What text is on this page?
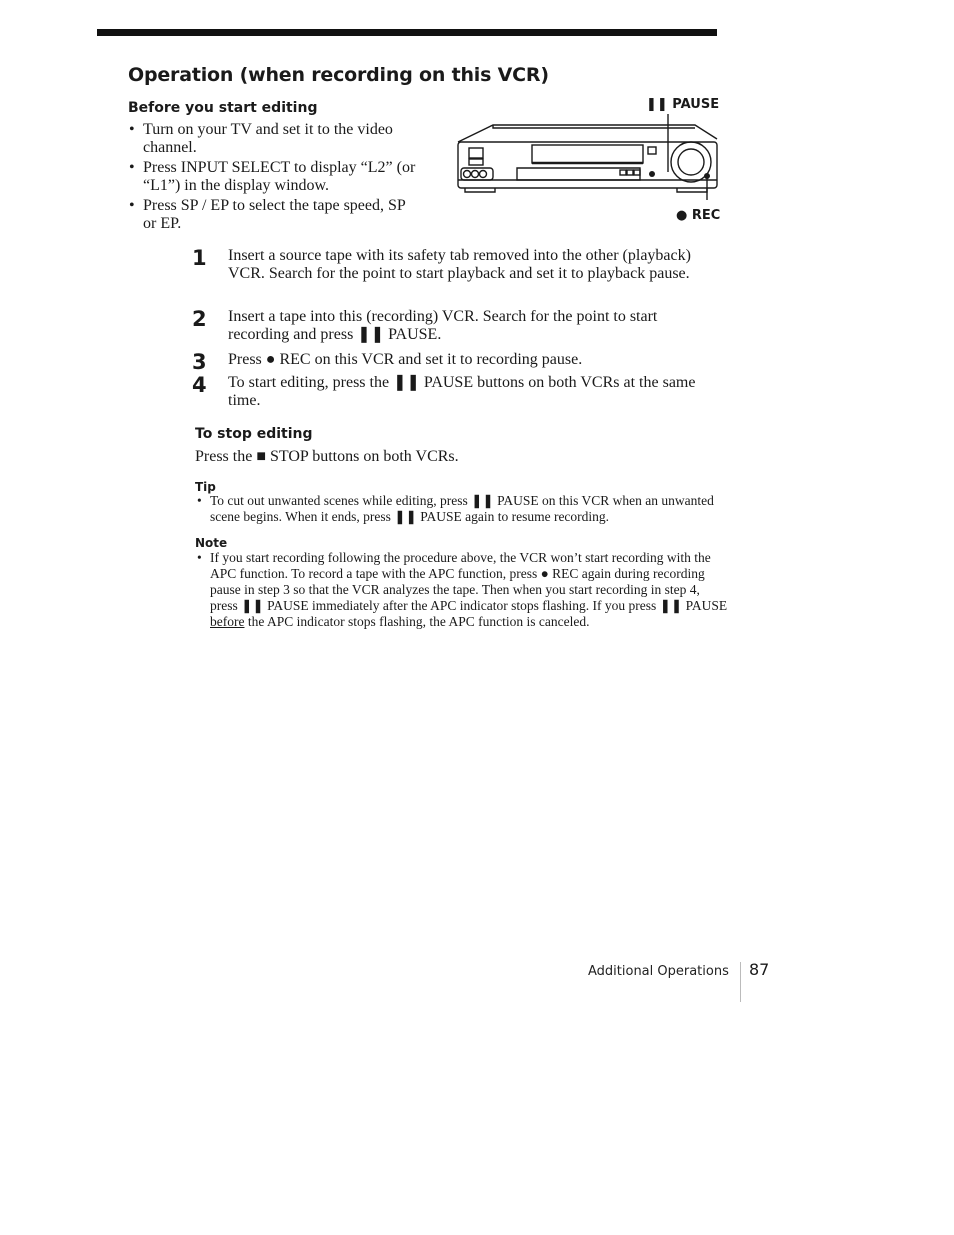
Operation (when recording on this VCR)
Before you start editing
• Turn on your TV and set it to the video channel.
• Press INPUT SELECT to display “L2” (or “L1”) in the display window.
• Press SP / EP to select the tape speed, SP or EP.
❚❚ PAUSE
● REC
1 Insert a source tape with its safety tab removed into the other (playback) VCR. Search for the point to start playback and set it to playback pause.
2 Insert a tape into this (recording) VCR. Search for the point to start recording and press ❚❚ PAUSE.
3 Press ● REC on this VCR and set it to recording pause.
4 To start editing, press the ❚❚ PAUSE buttons on both VCRs at the same time.
To stop editing
Press the ■ STOP buttons on both VCRs.
Tip

• To cut out unwanted scenes while editing, press ❚❚ PAUSE on this VCR when an unwanted scene begins. When it ends, press ❚❚ PAUSE again to resume recording.

Note

• If you start recording following the procedure above, the VCR won’t start recording with the APC function. To record a tape with the APC function, press ● REC again during recording pause in step 3 so that the VCR analyzes the tape. Then when you start recording in step 4, press ❚❚ PAUSE immediately after the APC indicator stops flashing. If you press ❚❚ PAUSE before the APC indicator stops flashing, the APC function is canceled.

Additional Operations 87
